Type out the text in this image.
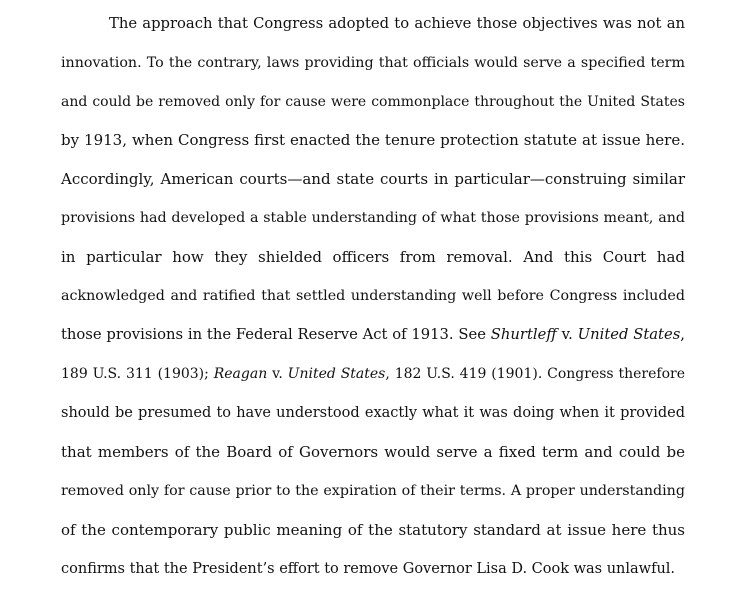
The approach that Congress adopted to achieve those objectives was not an
innovation. To the contrary, laws providing that officials would serve a specified term
and could be removed only for cause were commonplace throughout the United States
by 1913, when Congress first enacted the tenure protection statute at issue here.
Accordingly, American courts—and state courts in particular—construing similar
provisions had developed a stable understanding of what those provisions meant, and
in particular how they shielded officers from removal. And this Court had
acknowledged and ratified that settled understanding well before Congress included
those provisions in the Federal Reserve Act of 1913. See Shurtleff v. United States,
189 U.S. 311 (1903); Reagan v. United States, 182 U.S. 419 (1901). Congress therefore
should be presumed to have understood exactly what it was doing when it provided
that members of the Board of Governors would serve a fixed term and could be
removed only for cause prior to the expiration of their terms. A proper understanding
of the contemporary public meaning of the statutory standard at issue here thus
confirms that the President’s effort to remove Governor Lisa D. Cook was unlawful.
